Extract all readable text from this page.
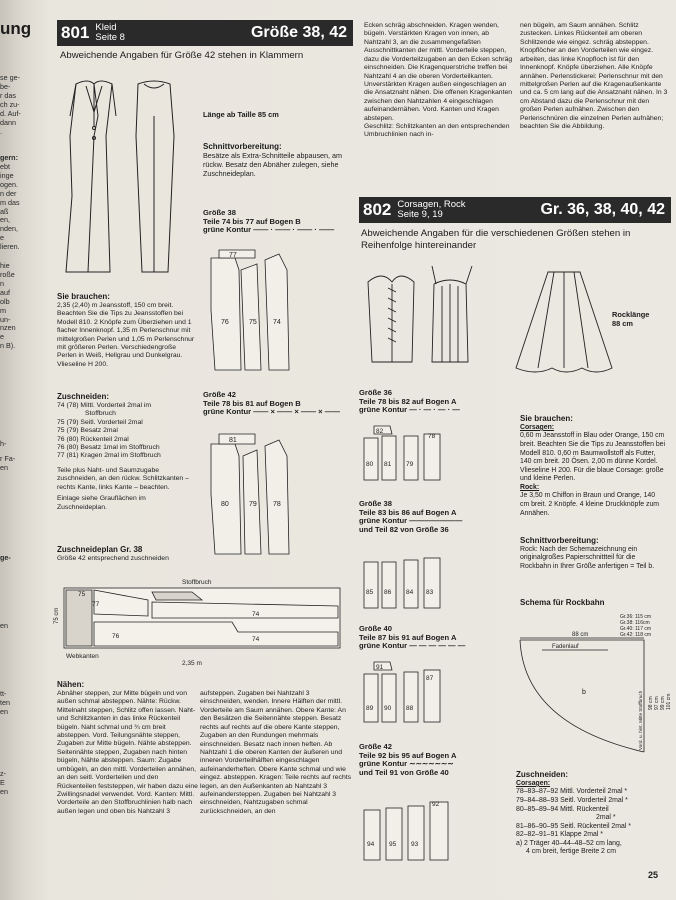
ung
se ge-
be-
r das
ch zu-
d. Auf-
dann
.
gern:
ebt
inge
ogen.
n der
m das
aß
en,
nden,
e
lieren.
hie
roße
n
auf
olb
m
un-
nzen
e
n B).
h-
r Fa-
en
ge-
en
tt-
ten
en
z-
E
en
801 Kleid
Seite 8	Größe 38, 42
Abweichende Angaben für Größe 42 stehen in Klammern
Länge ab Taille 85 cm
Schnittvorbereitung:
Besätze als Extra-Schnitteile abpausen, am rückw. Besatz den Abnäher zulegen, siehe Zuschneideplan.
Größe 38
Teile 74 bis 77 auf Bogen B
grüne Kontur —— · —— · —— · ——
76	75 74
77
Größe 42
Teile 78 bis 81 auf Bogen B
grüne Kontur —— × —— × —— × ——
80	79 78
81
Sie brauchen:
2,35 (2,40) m Jeansstoff, 150 cm breit. Beachten Sie die Tips zu Jeansstoffen bei Modell 810. 2 Knöpfe zum Überziehen und 1 flacher Innenknopf. 1,35 m Perlenschnur mit mittelgroßen Perlen und 1,05 m Perlenschnur mit größeren Perlen. Verschiedengroße Perlen in Weiß, Hellgrau und Dunkelgrau. Vlieseline H 200.
Zuschneiden:
74 (78) Mittl. Vorderteil 2mal im
Stoffbruch
75 (79) Seitl. Vorderteil 2mal
75 (79) Besatz 2mal
76 (80) Rückenteil 2mal
76 (80) Besatz 1mal im Stoffbruch
77 (81) Kragen 2mal im Stoffbruch
Teile plus Naht- und Saumzugabe zuschneiden, an den rückw. Schlitzkanten – rechts Kante, links Kante – beachten.
Einlage siehe Grauflächen im Zuschneideplan.
Zuschneideplan Gr. 38
Größe 42 entsprechend zuschneiden
75
77
74
74
76
Stoffbruch
Webkanten
2,35 m
75 cm
Nähen:
Abnäher steppen, zur Mitte bügeln und von außen schmal absteppen. Nähte: Rückw. Mittelnaht steppen, Schlitz offen lassen. Naht- und Schlitzkanten in das linke Rückenteil bügeln. Naht schmal und ¾ cm breit absteppen. Vord. Teilungsnähte steppen, Zugaben zur Mitte bügeln. Nähte absteppen. Seitennähte steppen, Zugaben nach hinten bügeln, Nähte absteppen. Saum: Zugabe umbügeln, an den mittl. Vorderteilen annähen, an den seitl. Vorderteilen und den Rückenteilen feststeppen, wir haben dazu eine Zwillingsnadel verwendet. Vord. Kanten: Mittl. Vorderteile an den Stoffbruchlinien halb nach außen legen und oben bis Nahtzahl 3
aufsteppen. Zugaben bei Nahtzahl 3 einschneiden, wenden. Innere Hälften der mittl. Vorderteile am Saum annähen. Obere Kante: An den Besätzen die Seitennähte steppen. Besatz rechts auf rechts auf die obere Kante steppen, Zugaben an den Rundungen mehrmals einschneiden. Besatz nach innen heften. Ab Nahtzahl 1 die oberen Kanten der äußeren und inneren Vorderteilhälften eingeschlagen aufeinanderheften. Obere Kante schmal und wie eingez. absteppen. Kragen: Teile rechts auf rechts legen, an den Außenkanten ab Nahtzahl 3 aufeinandersteppen. Zugaben bei Nahtzahl 3 einschneiden, Nahtzugaben schmal zurückschneiden, an den
Ecken schräg abschneiden. Kragen wenden, bügeln. Verstärkten Kragen von innen, ab Nahtzahl 3, an die zusammengefaßten Ausschnittkanten der mittl. Vorderteile steppen, dazu die Vorderteilzugaben an den Ecken schräg einschneiden. Die Kragenquerstriche treffen bei Nahtzahl 4 an die oberen Vorderteilkanten. Unverstärkten Kragen außen eingeschlagen an die Ansatznaht nähen. Die offenen Kragenkanten zwischen den Nahtzahlen 4 eingeschlagen aufeinandernähen. Vord. Kanten und Kragen abstepen.
Geschlitz: Schlitzkanten an den entsprechenden Umbruchlinien nach in-
nen bügeln, am Saum annähen. Schlitz zustecken. Linkes Rückenteil am oberen Schlitzende wie eingez. schräg absteppen. Knopflöcher an den Vorderteilen wie eingez. arbeiten, das linke Knopfloch ist für den Innenknopf. Knöpfe überziehen. Alle Knöpfe annähen. Perlenstickerei: Perlenschnur mit den mittelgroßen Perlen auf die Kragenaußenkante und ca. 5 cm lang auf die Ansatznaht nähen. In 3 cm Abstand dazu die Perlenschnur mit den großen Perlen aufnähen. Zwischen den Perlenschnüren die einzelnen Perlen aufnähen; beachten Sie die Abbildung.
802 Corsagen, Rock
Seite 9, 19	Gr. 36, 38, 40, 42
Abweichende Angaben für die verschiedenen Größen stehen in Reihenfolge hintereinander
Rocklänge
88 cm
Größe 36
Teile 78 bis 82 auf Bogen A
grüne Kontur — · — · — · —
80 81 79
78
82
Größe 38
Teile 83 bis 86 auf Bogen A
grüne Kontur ———————
und Teil 82 von Größe 36
85 86 84 83
Größe 40
Teile 87 bis 91 auf Bogen A
grüne Kontur — — — — — —
89 90 88
87
91
Größe 42
Teile 92 bis 95 auf Bogen A
grüne Kontur ∼∼∼∼∼∼∼
und Teil 91 von Größe 40
94 95 93
92
Sie brauchen:
Corsagen:
0,60 m Jeansstoff in Blau oder Orange, 150 cm breit. Beachten Sie die Tips zu Jeansstoffen bei Modell 810. 0,60 m Baumwollstoff als Futter, 140 cm breit. 20 Ösen. 2,00 m dünne Kordel. Vlieseline H 200. Für die blaue Corsage: große und kleine Perlen.
Rock:
Je 3,50 m Chiffon in Braun und Orange, 140 cm breit. 2 Knöpfe. 4 kleine Druckknöpfe zum Annähen.
Schnittvorbereitung:
Rock: Nach der Schemazeichnung ein originalgroßes Papierschnittteil für die Rockbahn in Ihrer Größe anfertigen = Teil b.
Schema für Rockbahn
88 cm
Fadenlauf
b
Gr.36: 115 cm
Gr.38: 116cm
Gr.40: 117 cm
Gr.42: 118 cm
98 cm 97 cm 99 cm 101 cm
Vord. u. hint. Mitte Stoffbruch
Zuschneiden:
Corsagen:
78–83–87–92 Mittl. Vorderteil 2mal *
79–84–88–93 Seitl. Vorderteil 2mal *
80–85–89–94 Mittl. Rückenteil
2mal *
81–86–90–95 Seitl. Rückenteil 2mal *
82–82–91–91 Klappe 2mal *
a) 2 Träger 40–44–48–52 cm lang,
4 cm breit, fertige Breite 2 cm
25
